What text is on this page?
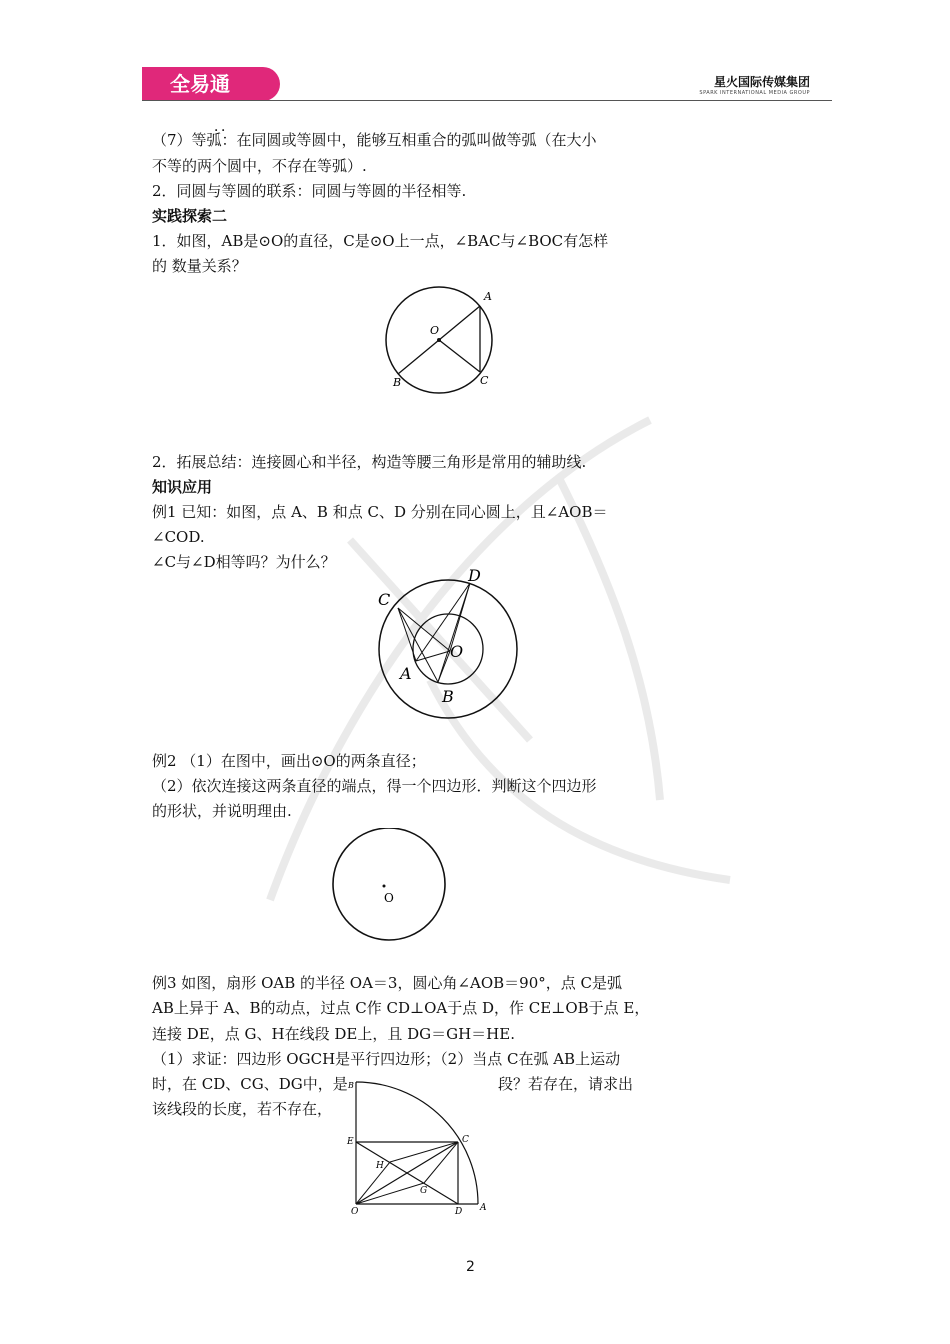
全易通	星火国际传媒集团
SPARK INTERNATIONAL MEDIA GROUP
．．
（7）等弧：在同圆或等圆中，能够互相重合的弧叫做等弧（在大小
不等的两个圆中，不存在等弧）.
2．同圆与等圆的联系：同圆与等圆的半径相等.
实践探索二
1．如图，AB是⊙O的直径，C是⊙O上一点，∠BAC与∠BOC有怎样
的 数量关系？
A
B	C
O
2．拓展总结：连接圆心和半径，构造等腰三角形是常用的辅助线.
知识应用
例1 已知：如图，点 A、B 和点 C、D 分别在同心圆上，且∠AOB＝
∠COD.
∠C与∠D相等吗？为什么？
C
D
A
B
O
例2 （1）在图中，画出⊙O的两条直径；
（2）依次连接这两条直径的端点，得一个四边形．判断这个四边形
的形状，并说明理由.
O
例3 如图，扇形 OAB 的半径 OA＝3，圆心角∠AOB＝90°，点 C是弧
AB上异于 A、B的动点，过点 C作 CD⊥OA于点 D，作 CE⊥OB于点 E，
连接 DE，点 G、H在线段 DE上，且 DG＝GH＝HE.
（1）求证：四边形 OGCH是平行四边形；（2）当点 C在弧 AB上运动
时，在 CD、CG、DG中，是	段？若存在，请求出
该线段的长度，若不存在，
B
E	C
H
G
O	D A
2
